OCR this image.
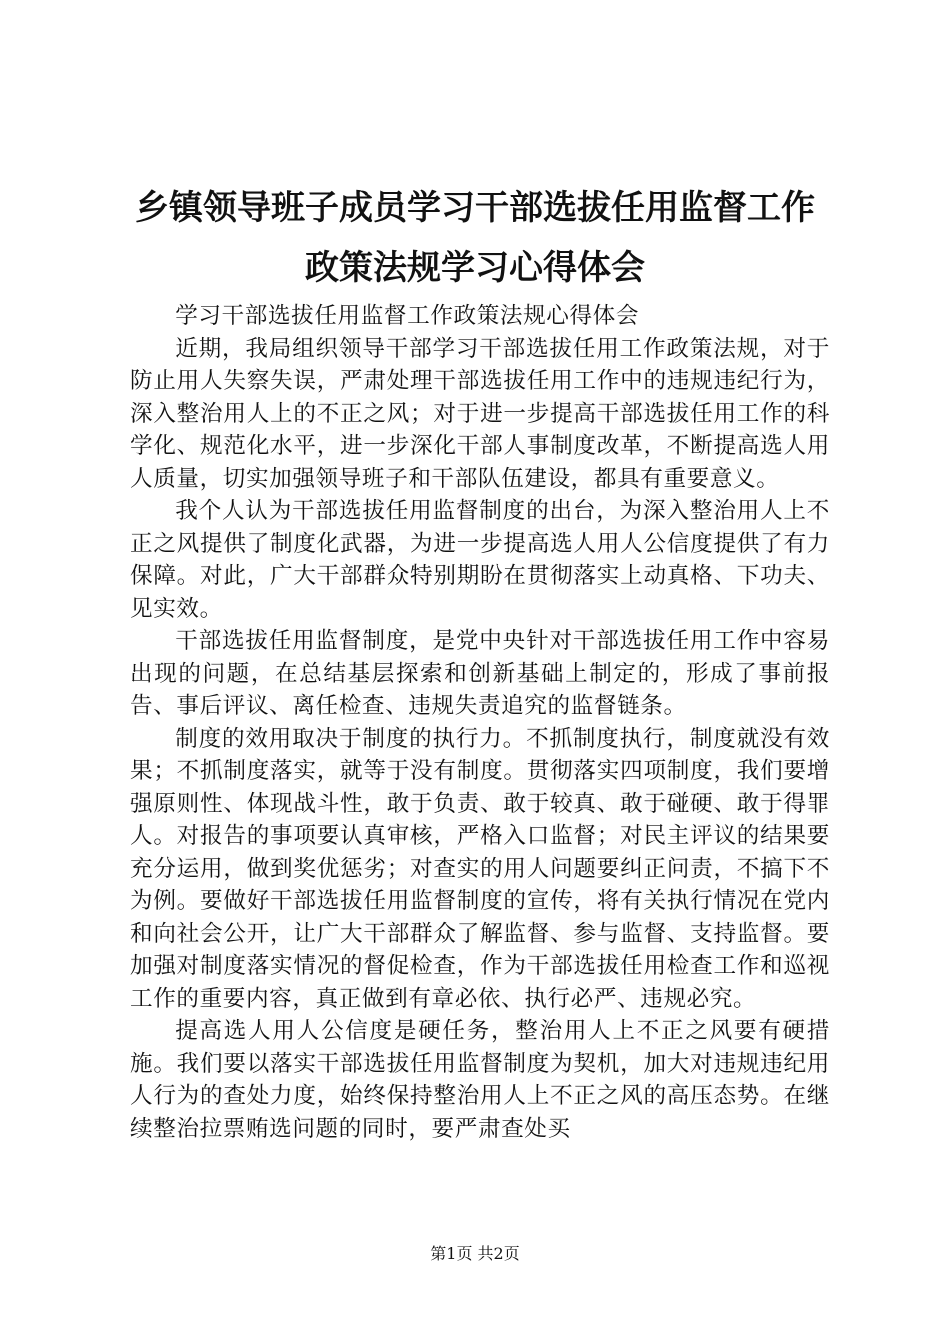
乡镇领导班子成员学习干部选拔任用监督工作
政策法规学习心得体会

学习干部选拔任用监督工作政策法规心得体会

近期，我局组织领导干部学习干部选拔任用工作政策法规，对于防止用人失察失误，严肃处理干部选拔任用工作中的违规违纪行为，深入整治用人上的不正之风；对于进一步提高干部选拔任用工作的科学化、规范化水平，进一步深化干部人事制度改革，不断提高选人用人质量，切实加强领导班子和干部队伍建设，都具有重要意义。

我个人认为干部选拔任用监督制度的出台，为深入整治用人上不正之风提供了制度化武器，为进一步提高选人用人公信度提供了有力保障。对此，广大干部群众特别期盼在贯彻落实上动真格、下功夫、见实效。

干部选拔任用监督制度，是党中央针对干部选拔任用工作中容易出现的问题，在总结基层探索和创新基础上制定的，形成了事前报告、事后评议、离任检查、违规失责追究的监督链条。

制度的效用取决于制度的执行力。不抓制度执行，制度就没有效果；不抓制度落实，就等于没有制度。贯彻落实四项制度，我们要增强原则性、体现战斗性，敢于负责、敢于较真、敢于碰硬、敢于得罪人。对报告的事项要认真审核，严格入口监督；对民主评议的结果要充分运用，做到奖优惩劣；对查实的用人问题要纠正问责，不搞下不为例。要做好干部选拔任用监督制度的宣传，将有关执行情况在党内和向社会公开，让广大干部群众了解监督、参与监督、支持监督。要加强对制度落实情况的督促检查，作为干部选拔任用检查工作和巡视工作的重要内容，真正做到有章必依、执行必严、违规必究。

提高选人用人公信度是硬任务，整治用人上不正之风要有硬措施。我们要以落实干部选拔任用监督制度为契机，加大对违规违纪用人行为的查处力度，始终保持整治用人上不正之风的高压态势。在继续整治拉票贿选问题的同时，要严肃查处买

第1页 共2页
